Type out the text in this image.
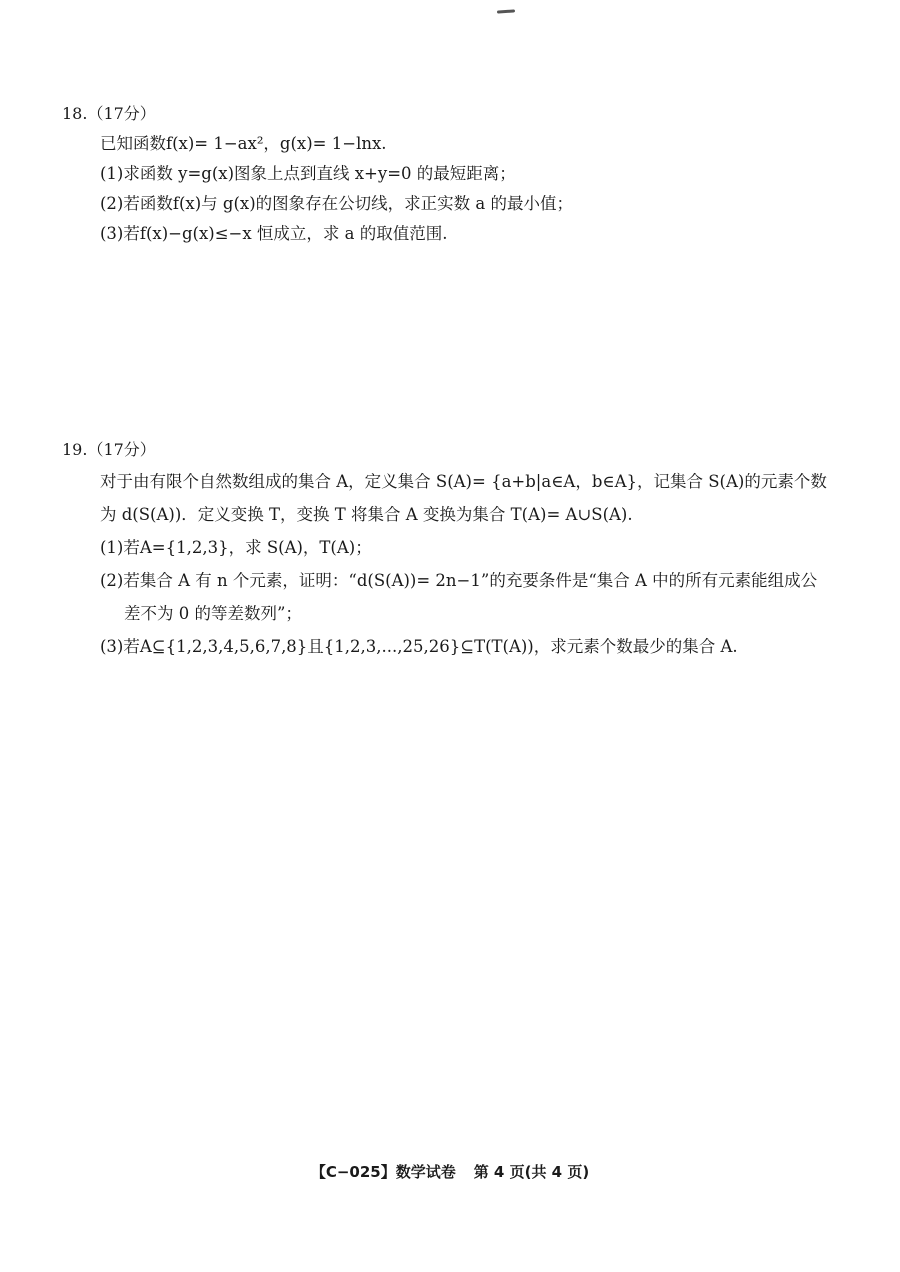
18.（17分）
已知函数f(x)= 1−ax²，g(x)= 1−lnx.
(1)求函数 y=g(x)图象上点到直线 x+y=0 的最短距离；
(2)若函数f(x)与 g(x)的图象存在公切线，求正实数 a 的最小值；
(3)若f(x)−g(x)≤−x 恒成立，求 a 的取值范围.
19.（17分）
对于由有限个自然数组成的集合 A，定义集合 S(A)= {a+b|a∈A，b∈A}，记集合 S(A)的元素个数
为 d(S(A))．定义变换 T，变换 T 将集合 A 变换为集合 T(A)= A∪S(A).
(1)若A={1,2,3}，求 S(A)，T(A)；
(2)若集合 A 有 n 个元素，证明：“d(S(A))= 2n−1”的充要条件是“集合 A 中的所有元素能组成公
差不为 0 的等差数列”；
(3)若A⊆{1,2,3,4,5,6,7,8}且{1,2,3,...,25,26}⊆T(T(A))，求元素个数最少的集合 A.
【C−025】数学试卷 第 4 页(共 4 页)
